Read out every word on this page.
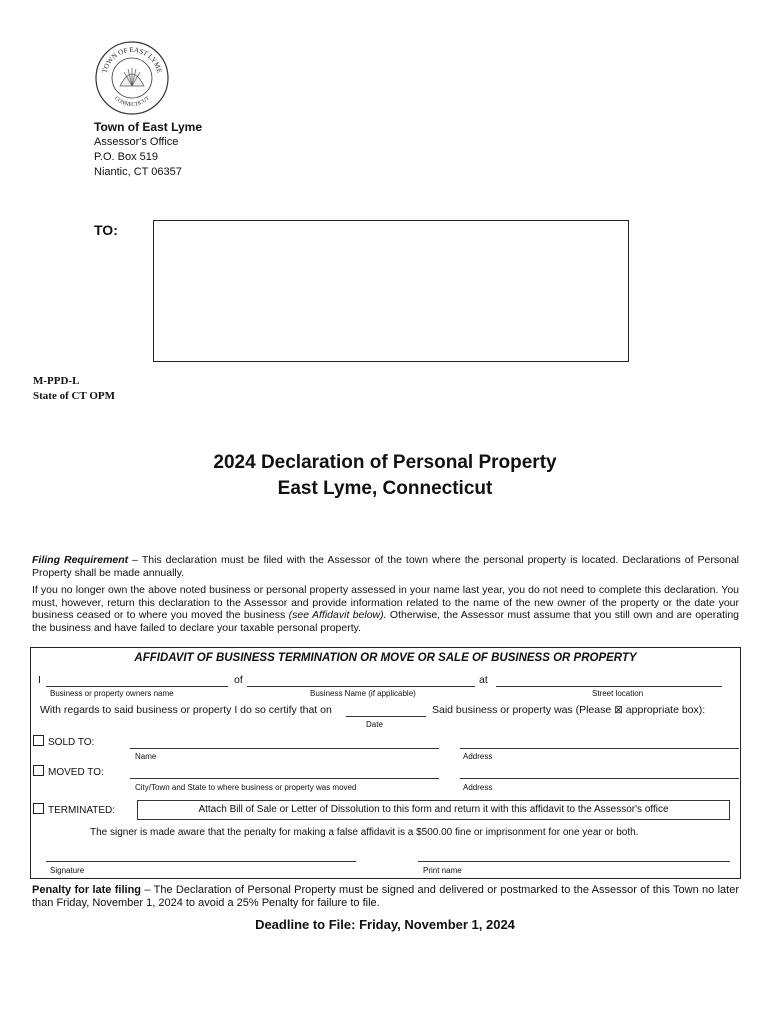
TOWN OF EAST LYME
CONNECTICUT
Town of East Lyme
Assessor's Office
P.O. Box 519
Niantic, CT 06357
TO:
M-PPD-L
State of CT OPM
2024 Declaration of Personal Property
East Lyme, Connecticut
Filing Requirement – This declaration must be filed with the Assessor of the town where the personal property is located. Declarations of Personal Property shall be made annually.
If you no longer own the above noted business or personal property assessed in your name last year, you do not need to complete this declaration. You must, however, return this declaration to the Assessor and provide information related to the name of the new owner of the property or the date your business ceased or to where you moved the business (see Affidavit below). Otherwise, the Assessor must assume that you still own and are operating the business and have failed to declare your taxable personal property.
AFFIDAVIT OF BUSINESS TERMINATION OR MOVE OR SALE OF BUSINESS OR PROPERTY
I	of	at
Business or property owners name	Business Name (if applicable)	Street location
With regards to said business or property I do so certify that on	Said business or property was (Please ⊠ appropriate box):
Date
SOLD TO:
Name	Address
MOVED TO:
City/Town and State to where business or property was moved	Address
TERMINATED:	Attach Bill of Sale or Letter of Dissolution to this form and return it with this affidavit to the Assessor's office
The signer is made aware that the penalty for making a false affidavit is a $500.00 fine or imprisonment for one year or both.
Signature	Print name
Penalty for late filing – The Declaration of Personal Property must be signed and delivered or postmarked to the Assessor of this Town no later than Friday, November 1, 2024 to avoid a 25% Penalty for failure to file.
Deadline to File: Friday, November 1, 2024
